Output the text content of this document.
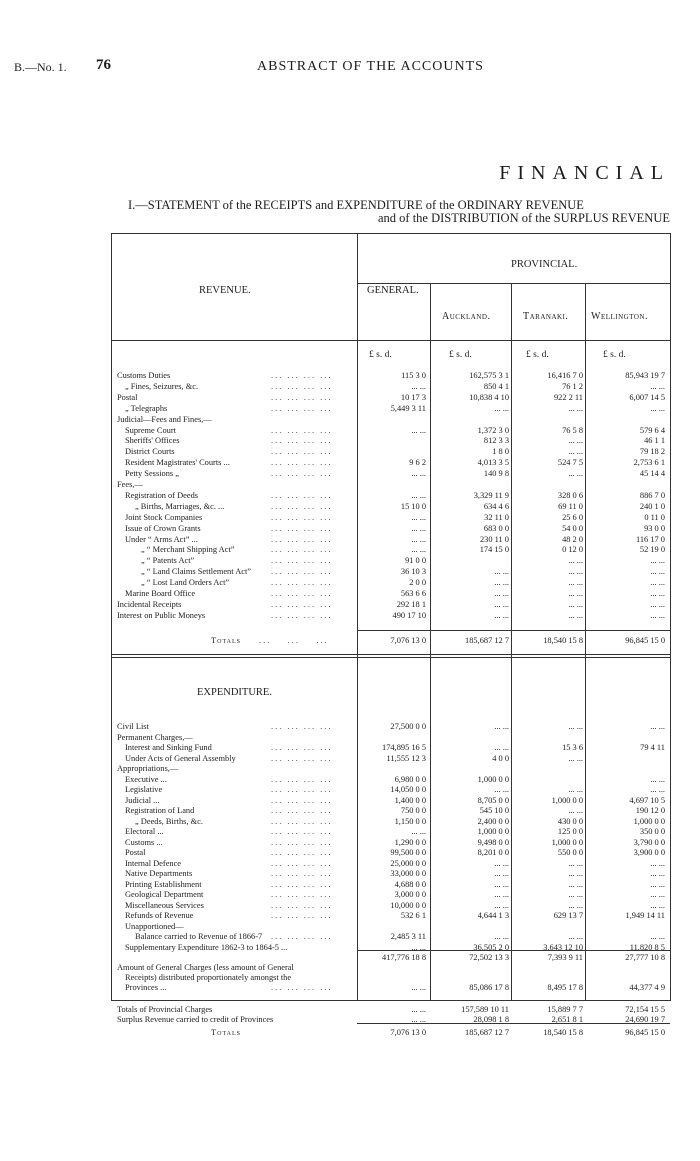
B.—No. 1. 76	ABSTRACT OF THE ACCOUNTS
FINANCIAL
I.—STATEMENT of the RECEIPTS and EXPENDITURE of the ORDINARY REVENUE
and of the DISTRIBUTION of the SURPLUS REVENUE
REVENUE.	GENERAL.
PROVINCIAL.
Auckland.	Taranaki. Wellington.
£ s. d.	£ s. d.	£ s. d.	£ s. d.
Customs Duties	... ... ... ...	115 3 0	162,575 3 1	16,416 7 0	85,943 19 7
„ Fines, Seizures, &c.	... ... ... ...	... ...	850 4 1	76 1 2	... ...
Postal	... ... ... ...	10 17 3	10,838 4 10	922 2 11	6,007 14 5
„ Telegraphs	... ... ... ...	5,449 3 11	... ...	... ...	... ...
Judicial—Fees and Fines,—
Supreme Court	... ... ... ...	... ...	1,372 3 0	76 5 8	579 6 4
Sheriffs' Offices	... ... ... ...	812 3 3	... ...	46 1 1
District Courts	... ... ... ...	1 8 0	... ...	79 18 2
Resident Magistrates' Courts ...	... ... ... ...	9 6 2	4,013 3 5	524 7 5	2,753 6 1
Petty Sessions „	... ... ... ...	... ...	140 9 8	... ...	45 14 4
Fees,—
Registration of Deeds	... ... ... ...	... ...	3,329 11 9	328 0 6	886 7 0
„ Births, Marriages, &c. ...	... ... ... ...	15 10 0	634 4 6	69 11 0	240 1 0
Joint Stock Companies	... ... ... ...	... ...	32 11 0	25 6 0	0 11 0
Issue of Crown Grants	... ... ... ...	... ...	683 0 0	54 0 0	93 0 0
Under “ Arms Act” ...	... ... ... ...	... ...	230 11 0	48 2 0	116 17 0
„ “ Merchant Shipping Act”	... ... ... ...	... ...	174 15 0	0 12 0	52 19 0
„ “ Patents Act”	... ... ... ...	91 0 0	... ...	... ...
„ “ Land Claims Settlement Act” ... ... ... ...	36 10 3	... ...	... ...	... ...
„ “ Lost Land Orders Act”	... ... ... ...	2 0 0	... ...	... ...	... ...
Marine Board Office	... ... ... ...	563 6 6	... ...	... ...	... ...
Incidental Receipts	... ... ... ...	292 18 1	... ...	... ...	... ...
Interest on Public Moneys	... ... ... ...	490 17 10	... ...	... ...	... ...
Totals ...    ...    ...	7,076 13 0	185,687 12 7	18,540 15 8	96,845 15 0
EXPENDITURE.
Civil List	... ... ... ...	27,500 0 0	... ...	... ...	... ...
Permanent Charges,—
Interest and Sinking Fund	... ... ... ...	174,895 16 5	... ...	15 3 6	79 4 11
Under Acts of General Assembly	... ... ... ...	11,555 12 3	4 0 0	... ...
Appropriations,—
Executive ...	... ... ... ...	6,980 0 0	1,000 0 0	... ...
Legislative	... ... ... ...	14,050 0 0	... ...	... ...	... ...
Judicial ...	... ... ... ...	1,400 0 0	8,705 0 0	1,000 0 0	4,697 10 5
Registration of Land	... ... ... ...	750 0 0	545 10 0	... ...	190 12 0
„ Deeds, Births, &c.	... ... ... ...	1,150 0 0	2,400 0 0	430 0 0	1,000 0 0
Electoral ...	... ... ... ...	... ...	1,000 0 0	125 0 0	350 0 0
Customs ...	... ... ... ...	1,290 0 0	9,498 0 0	1,000 0 0	3,790 0 0
Postal	... ... ... ...	99,500 0 0	8,201 0 0	550 0 0	3,900 0 0
Internal Defence	... ... ... ...	25,000 0 0	... ...	... ...	... ...
Native Departments	... ... ... ...	33,000 0 0	... ...	... ...	... ...
Printing Establishment	... ... ... ...	4,688 0 0	... ...	... ...	... ...
Geological Department	... ... ... ...	3,000 0 0	... ...	... ...	... ...
Miscellaneous Services	... ... ... ...	10,000 0 0	... ...	... ...	... ...
Refunds of Revenue	... ... ... ...	532 6 1	4,644 1 3	629 13 7	1,949 14 11
Unapportioned—
Balance carried to Revenue of 1866-7 ... ... ... ...	2,485 3 11	... ...	... ...	... ...
Supplementary Expenditure 1862-3 to 1864-5 ...	... ...	36,505 2 0	3,643 12 10	11,820 8 5
417,776 18 8	72,502 13 3	7,393 9 11	27,777 10 8
Amount of General Charges (less amount of General
Receipts) distributed proportionately amongst the
Provinces ...	... ... ... ...	... ...	85,086 17 8	8,495 17 8	44,377 4 9
Totals of Provincial Charges	... ...	157,589 10 11	15,889 7 7	72,154 15 5
Surplus Revenue carried to credit of Provinces	... ...	28,098 1 8	2,651 8 1	24,690 19 7
Totals	7,076 13 0	185,687 12 7	18,540 15 8	96,845 15 0
